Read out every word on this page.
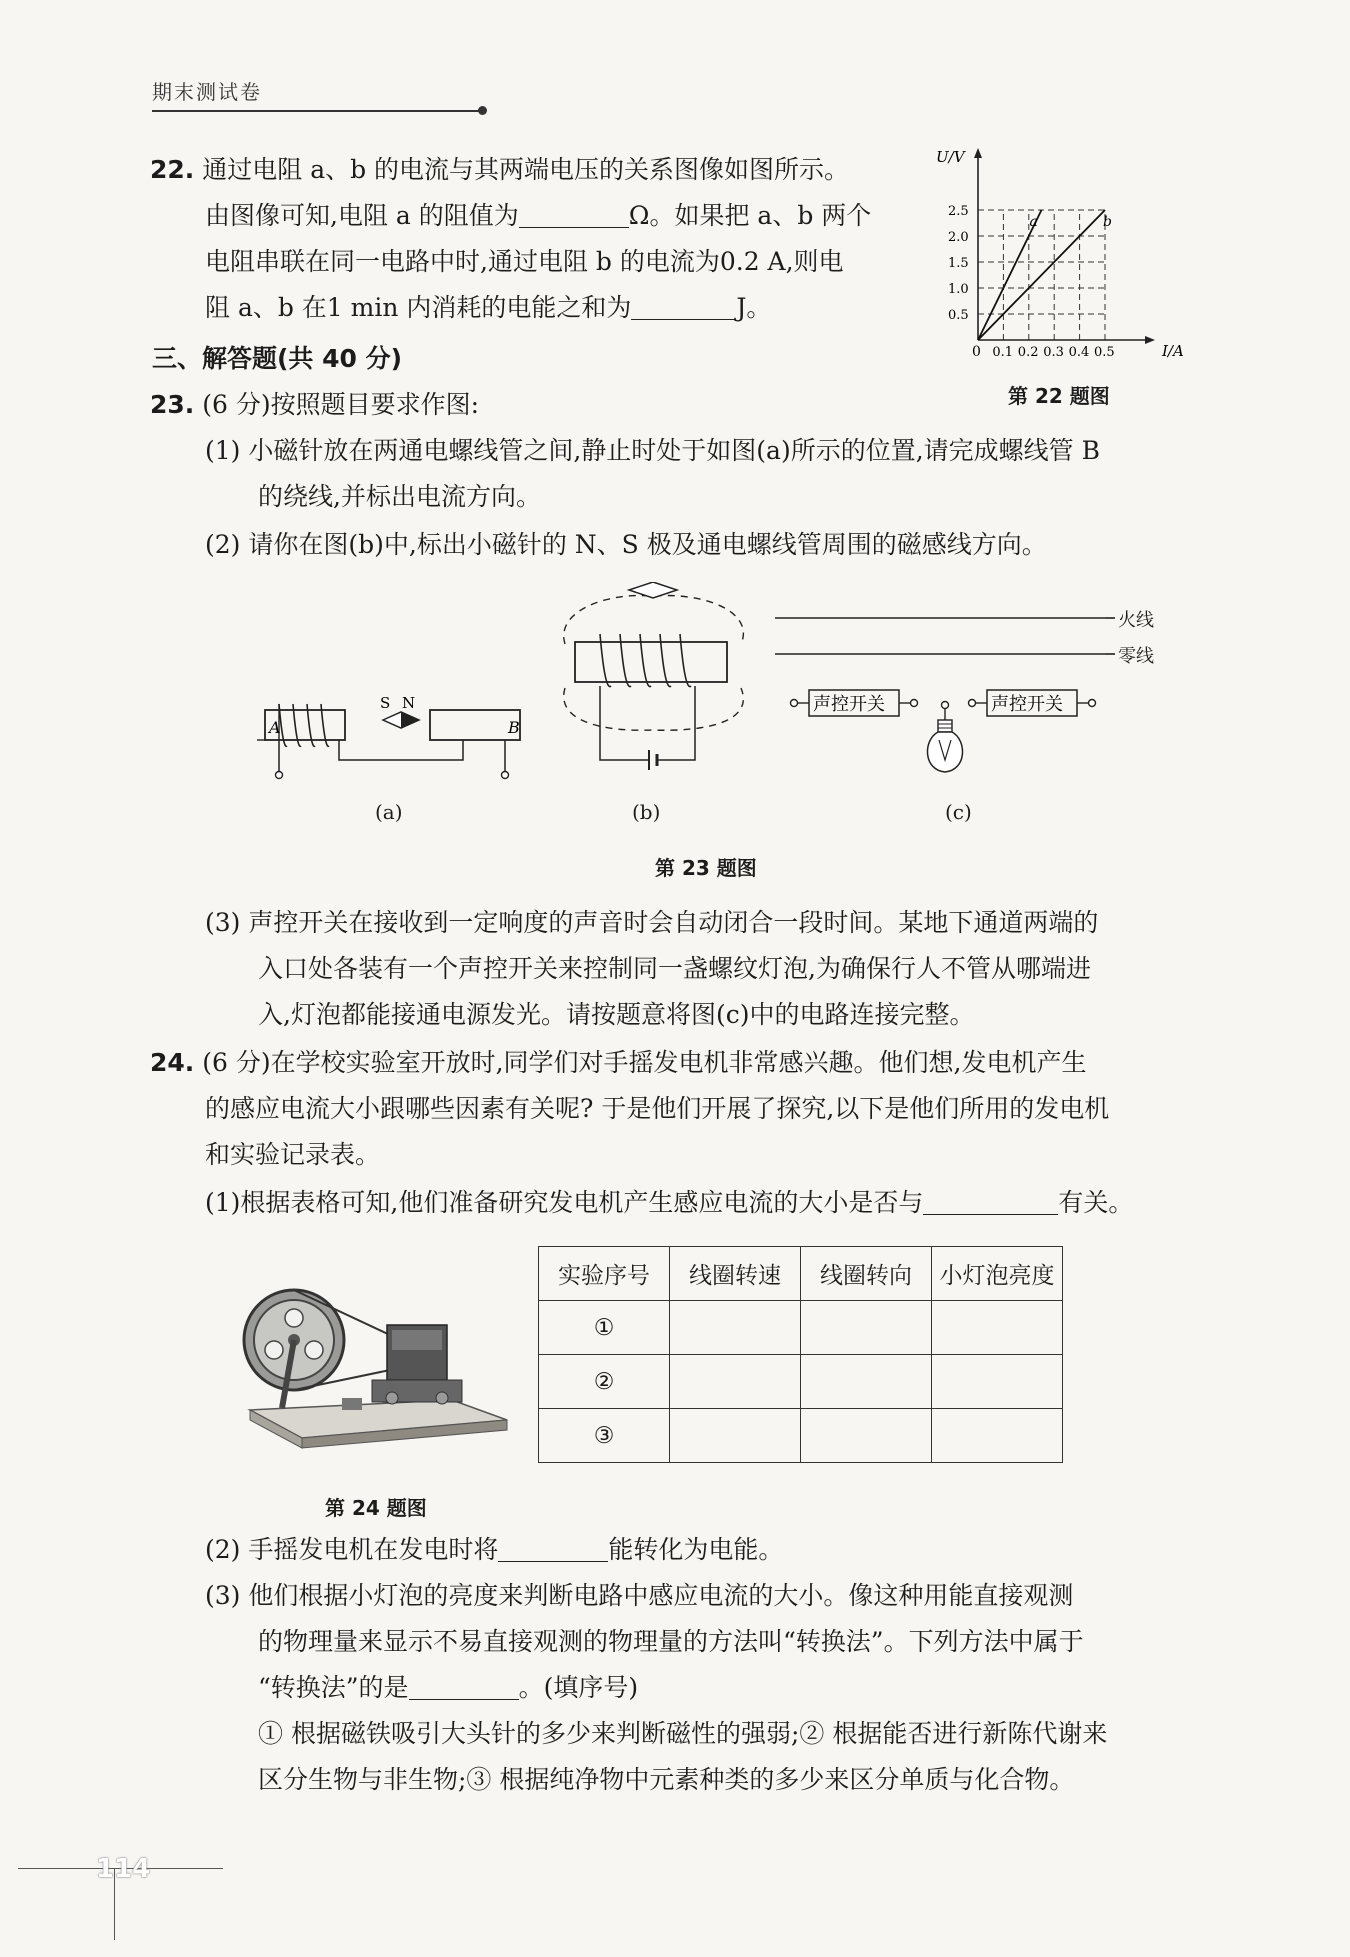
期末测试卷
22. 通过电阻 a、b 的电流与其两端电压的关系图像如图所示。
由图像可知,电阻 a 的阻值为	Ω。如果把 a、b 两个
电阻串联在同一电路中时,通过电阻 b 的电流为0.2 A,则电
阻 a、b 在1 min 内消耗的电能之和为	J。
a	b
0.1 0.2 0.3 0.4 0.5
0.5
1.0
1.5
2.0
2.5
U/V
I/A
0
第 22 题图
三、解答题(共 40 分)
23. (6 分)按照题目要求作图:
(1) 小磁针放在两通电螺线管之间,静止时处于如图(a)所示的位置,请完成螺线管 B
的绕线,并标出电流方向。
(2) 请你在图(b)中,标出小磁针的 N、S 极及通电螺线管周围的磁感线方向。
A
S N
B
(a)	(b)
声控开关	声控开关
火线
零线
(c)
第 23 题图
(3) 声控开关在接收到一定响度的声音时会自动闭合一段时间。某地下通道两端的
入口处各装有一个声控开关来控制同一盏螺纹灯泡,为确保行人不管从哪端进
入,灯泡都能接通电源发光。请按题意将图(c)中的电路连接完整。
24. (6 分)在学校实验室开放时,同学们对手摇发电机非常感兴趣。他们想,发电机产生
的感应电流大小跟哪些因素有关呢? 于是他们开展了探究,以下是他们所用的发电机
和实验记录表。
(1)根据表格可知,他们准备研究发电机产生感应电流的大小是否与	有关。
第 24 题图
实验序号	线圈转速	线圈转向	小灯泡亮度
①			
②			
③			
(2) 手摇发电机在发电时将	能转化为电能。
(3) 他们根据小灯泡的亮度来判断电路中感应电流的大小。像这种用能直接观测
的物理量来显示不易直接观测的物理量的方法叫“转换法”。下列方法中属于
“转换法”的是	。(填序号)
① 根据磁铁吸引大头针的多少来判断磁性的强弱;② 根据能否进行新陈代谢来
区分生物与非生物;③ 根据纯净物中元素种类的多少来区分单质与化合物。
114
